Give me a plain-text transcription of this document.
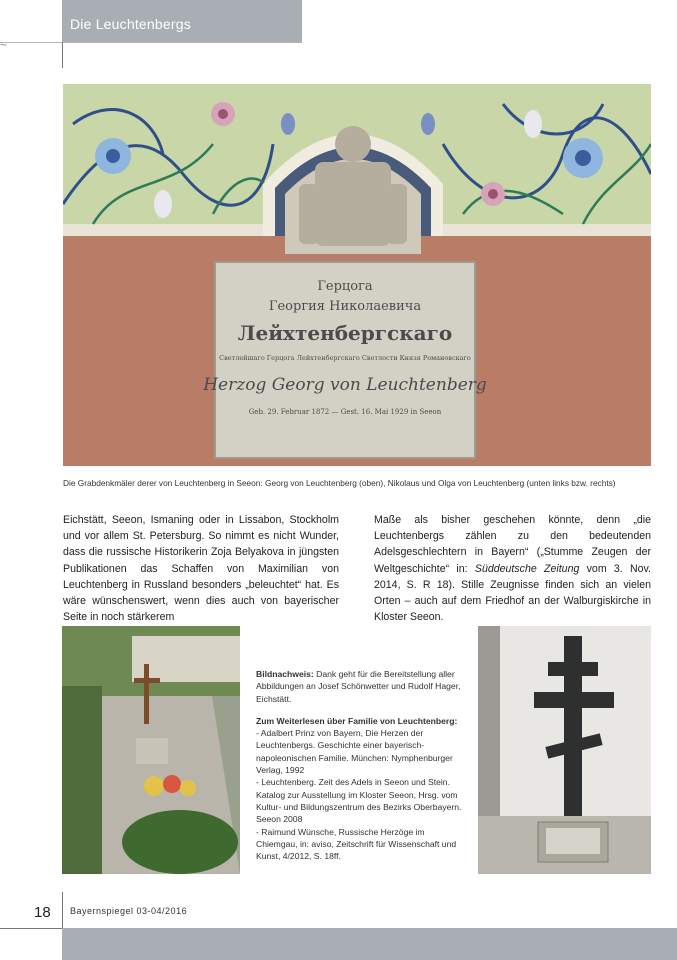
Die Leuchtenbergs
~
Герцога
Георгия Николаевича
Лейхтенбергскаго
Светлейшаго Герцога Лейхтенбергскаго Светлости Князя Романовскаго
Herzog Georg von Leuchtenberg
Geb. 29. Februar 1872 — Gest. 16. Mai 1929 in Seeon
Die Grabdenkmäler derer von Leuchtenberg in Seeon: Georg von Leuchtenberg (oben), Nikolaus und Olga von Leuchtenberg (unten links bzw. rechts)

Eichstätt, Seeon, Ismaning oder in Lissabon, Stockholm und vor allem St. Petersburg. So nimmt es nicht Wunder, dass die russische Historikerin Zoja Belyakova in jüngsten Publikationen das Schaffen von Maximilian von Leuchtenberg in Russland besonders „beleuchtet“ hat. Es wäre wünschenswert, wenn dies auch von bayerischer Seite in noch stärkerem

Maße als bisher geschehen könnte, denn „die Leuchtenbergs zählen zu den bedeutenden Adelsgeschlechtern in Bayern“ („Stumme Zeugen der Weltgeschichte“ in: Süddeutsche Zeitung vom 3. Nov. 2014, S. R 18). Stille Zeugnisse finden sich an vielen Orten – auch auf dem Friedhof an der Walburgiskirche in Kloster Seeon.

Bildnachweis: Dank geht für die Bereitstellung aller Abbildungen an Josef Schönwetter und Rudolf Hager, Eichstätt.

Zum Weiterlesen über Familie von Leuchtenberg:

- Adalbert Prinz von Bayern, Die Herzen der Leuchtenbergs. Geschichte einer bayerisch-napoleonischen Familie. München: Nymphenburger Verlag, 1992

- Leuchtenberg. Zeit des Adels in Seeon und Stein. Katalog zur Ausstellung im Kloster Seeon, Hrsg. vom Kultur- und Bildungszentrum des Bezirks Oberbayern. Seeon 2008

- Raimund Wünsche, Russische Herzöge im Chiemgau, in: aviso, Zeitschrift für Wissenschaft und Kunst, 4/2012, S. 18ff.

18 Bayernspiegel 03-04/2016
